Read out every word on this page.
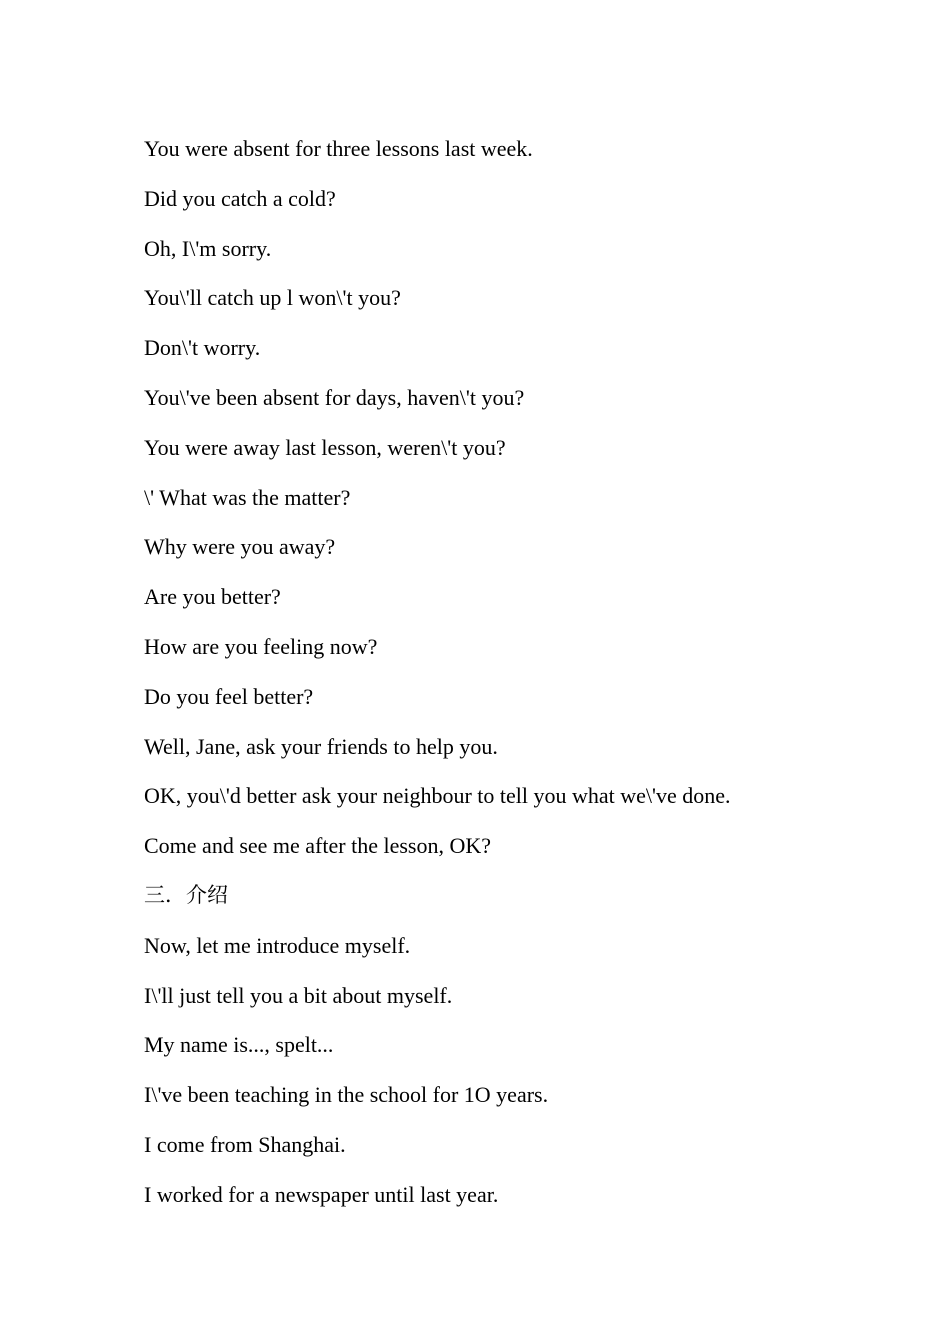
You were absent for three lessons last week.
Did you catch a cold?
Oh, I\'m sorry.
You\'ll catch up l won\'t you?
Don\'t worry.
You\'ve been absent for days, haven\'t you?
You were away last lesson, weren\'t you?
\' What was the matter?
Why were you away?
Are you better?
How are you feeling now?
Do you feel better?
Well, Jane, ask your friends to help you.
OK, you\'d better ask your neighbour to tell you what we\'ve done.
Come and see me after the lesson, OK?
三．介绍
Now, let me introduce myself.
I\'ll just tell you a bit about myself.
My name is..., spelt...
I\'ve been teaching in the school for 1O years.
I come from Shanghai.
I worked for a newspaper until last year.
